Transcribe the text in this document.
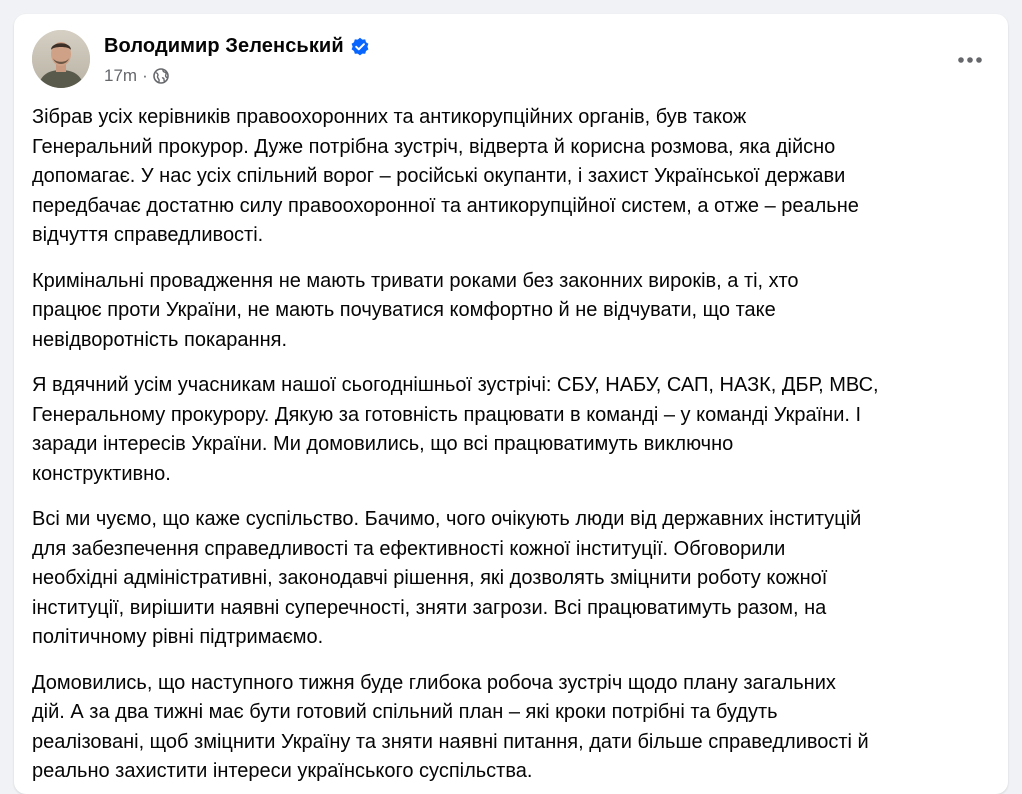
Володимир Зеленський
17m ·

Зібрав усіх керівників правоохоронних та антикорупційних органів, був також
Генеральний прокурор. Дуже потрібна зустріч, відверта й корисна розмова, яка дійсно
допомагає. У нас усіх спільний ворог – російські окупанти, і захист Української держави
передбачає достатню силу правоохоронної та антикорупційної систем, а отже – реальне
відчуття справедливості.

Кримінальні провадження не мають тривати роками без законних вироків, а ті, хто
працює проти України, не мають почуватися комфортно й не відчувати, що таке
невідворотність покарання.

Я вдячний усім учасникам нашої сьогоднішньої зустрічі: СБУ, НАБУ, САП, НАЗК, ДБР, МВС,
Генеральному прокурору. Дякую за готовність працювати в команді – у команді України. І
заради інтересів України. Ми домовились, що всі працюватимуть виключно
конструктивно.

Всі ми чуємо, що каже суспільство. Бачимо, чого очікують люди від державних інституцій
для забезпечення справедливості та ефективності кожної інституції. Обговорили
необхідні адміністративні, законодавчі рішення, які дозволять зміцнити роботу кожної
інституції, вирішити наявні суперечності, зняти загрози. Всі працюватимуть разом, на
політичному рівні підтримаємо.

Домовились, що наступного тижня буде глибока робоча зустріч щодо плану загальних
дій. А за два тижні має бути готовий спільний план – які кроки потрібні та будуть
реалізовані, щоб зміцнити Україну та зняти наявні питання, дати більше справедливості й
реально захистити інтереси українського суспільства.
